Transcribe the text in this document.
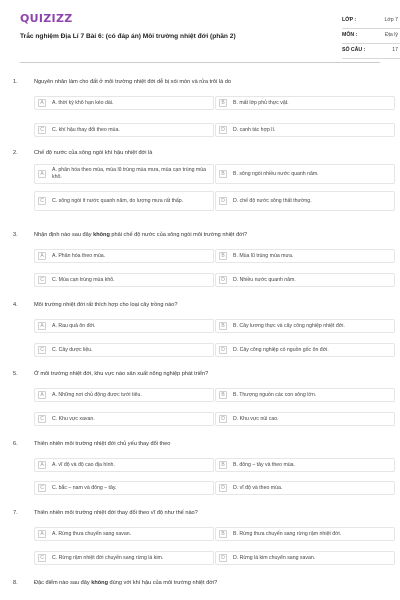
QUIZIZZ
Trắc nghiệm Địa Lí 7 Bài 6: (có đáp án) Môi trường nhiệt đới (phần 2)
LỚP :	Lớp 7
MÔN :	Địa lý
SỐ CÂU :	17
1.	Nguyên nhân làm cho đất ở môi trường nhiệt đới dễ bị xói mòn và rửa trôi là do
A	A. thời kỳ khô hạn kéo dài.	B	B. mất lớp phủ thực vật.
C	C. khí hậu thay đổi theo mùa.	D	D. canh tác hợp lí.
2.	Chế độ nước của sông ngòi khí hậu nhiệt đới là
A
A. phân hóa theo mùa, mùa lũ trùng mùa mưa, mùa cạn trùng mùa khô.	B	B. sông ngòi nhiều nước quanh năm.
C	C. sông ngòi ít nước quanh năm, do lượng mưa rất thấp.	D	D. chế độ nước sông thất thường.
3.	Nhận định nào sau đây không phải chế độ nước của sông ngòi môi trường nhiệt đới?
A	A. Phân hóa theo mùa.	B	B. Mùa lũ trùng mùa mưa.
C	C. Mùa cạn trùng mùa khô.	D	D. Nhiều nước quanh năm.
4.	Môi trường nhiệt đới rất thích hợp cho loại cây trồng nào?
A	A. Rau quả ôn đới.	B	B. Cây lương thực và cây công nghiệp nhiệt đới.
C	C. Cây dược liệu.	D	D. Cây công nghiệp có nguồn gốc ôn đới.
5.	Ở môi trường nhiệt đới, khu vực nào sản xuất nông nghiệp phát triển?
A	A. Những nơi chủ động được tưới tiêu.	B	B. Thượng nguồn các con sông lớn.
C	C. Khu vực xavan.	D	D. Khu vực núi cao.
6.	Thiên nhiên môi trường nhiệt đới chủ yếu thay đổi theo
A	A. vĩ độ và độ cao địa hình.	B	B. đông – tây và theo mùa.
C	C. bắc – nam và đông – tây.	D	D. vĩ độ và theo mùa.
7.	Thiên nhiên môi trường nhiệt đới thay đổi theo vĩ độ như thế nào?
A	A. Rừng thưa chuyển sang xavan.	B	B. Rừng thưa chuyển sang rừng rậm nhiệt đới.
C	C. Rừng rậm nhiệt đới chuyển sang rừng lá kim.	D	D. Rừng lá kim chuyển sang xavan.
8.	Đặc điểm nào sau đây không đúng với khí hậu của môi trường nhiệt đới?
